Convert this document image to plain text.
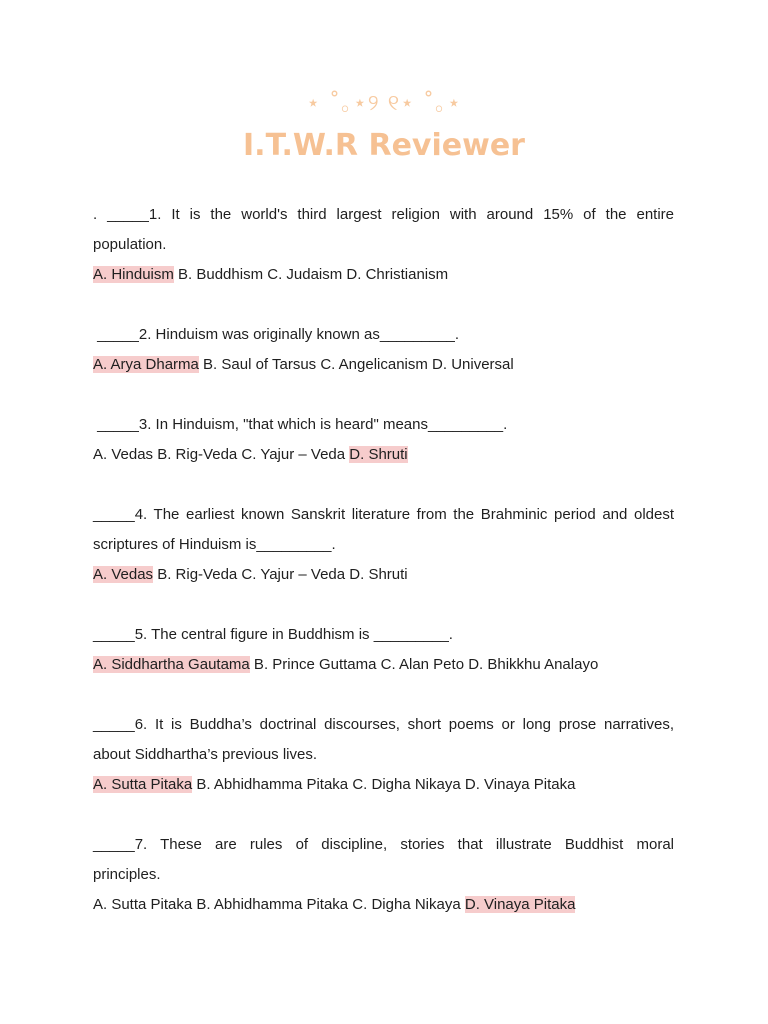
⋆ ˚｡⋆୨ ୧⋆ ˚｡⋆
I.T.W.R Reviewer
. _____1. It is the world's third largest religion with around 15% of the entire
population.
A. Hinduism B. Buddhism C. Judaism D. Christianism
_____2. Hinduism was originally known as_________.
A. Arya Dharma B. Saul of Tarsus C. Angelicanism D. Universal
_____3. In Hinduism, "that which is heard" means_________.
A. Vedas B. Rig-Veda C. Yajur – Veda D. Shruti
_____4. The earliest known Sanskrit literature from the Brahminic period and oldest
scriptures of Hinduism is_________.
A. Vedas B. Rig-Veda C. Yajur – Veda D. Shruti
_____5. The central figure in Buddhism is _________.
A. Siddhartha Gautama B. Prince Guttama C. Alan Peto D. Bhikkhu Analayo
_____6. It is Buddha’s doctrinal discourses, short poems or long prose narratives,
about Siddhartha’s previous lives.
A. Sutta Pitaka B. Abhidhamma Pitaka C. Digha Nikaya D. Vinaya Pitaka
_____7. These are rules of discipline, stories that illustrate Buddhist moral
principles.
A. Sutta Pitaka B. Abhidhamma Pitaka C. Digha Nikaya D. Vinaya Pitaka
